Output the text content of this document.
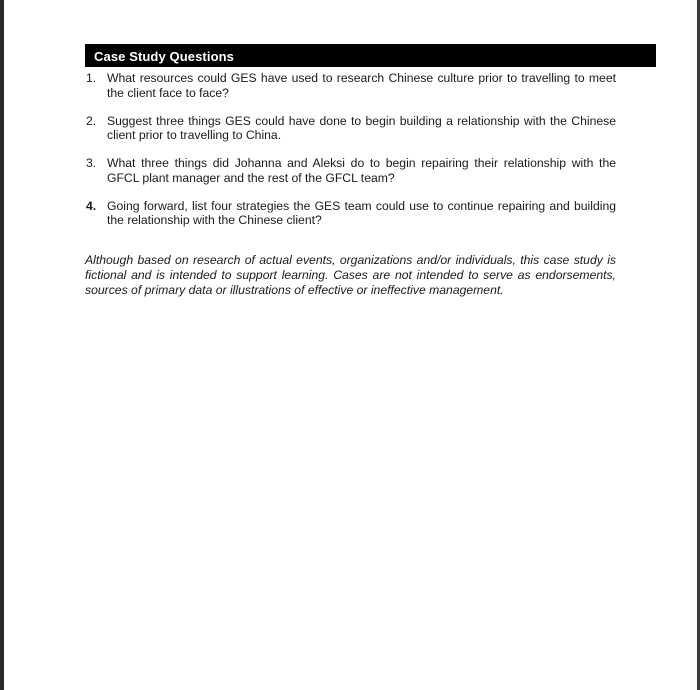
Case Study Questions
1. What resources could GES have used to research Chinese culture prior to travelling to meet the client face to face?
2. Suggest three things GES could have done to begin building a relationship with the Chinese client prior to travelling to China.
3. What three things did Johanna and Aleksi do to begin repairing their relationship with the GFCL plant manager and the rest of the GFCL team?
4. Going forward, list four strategies the GES team could use to continue repairing and building the relationship with the Chinese client?

Although based on research of actual events, organizations and/or individuals, this case study is fictional and is intended to support learning. Cases are not intended to serve as endorsements, sources of primary data or illustrations of effective or ineffective management.
